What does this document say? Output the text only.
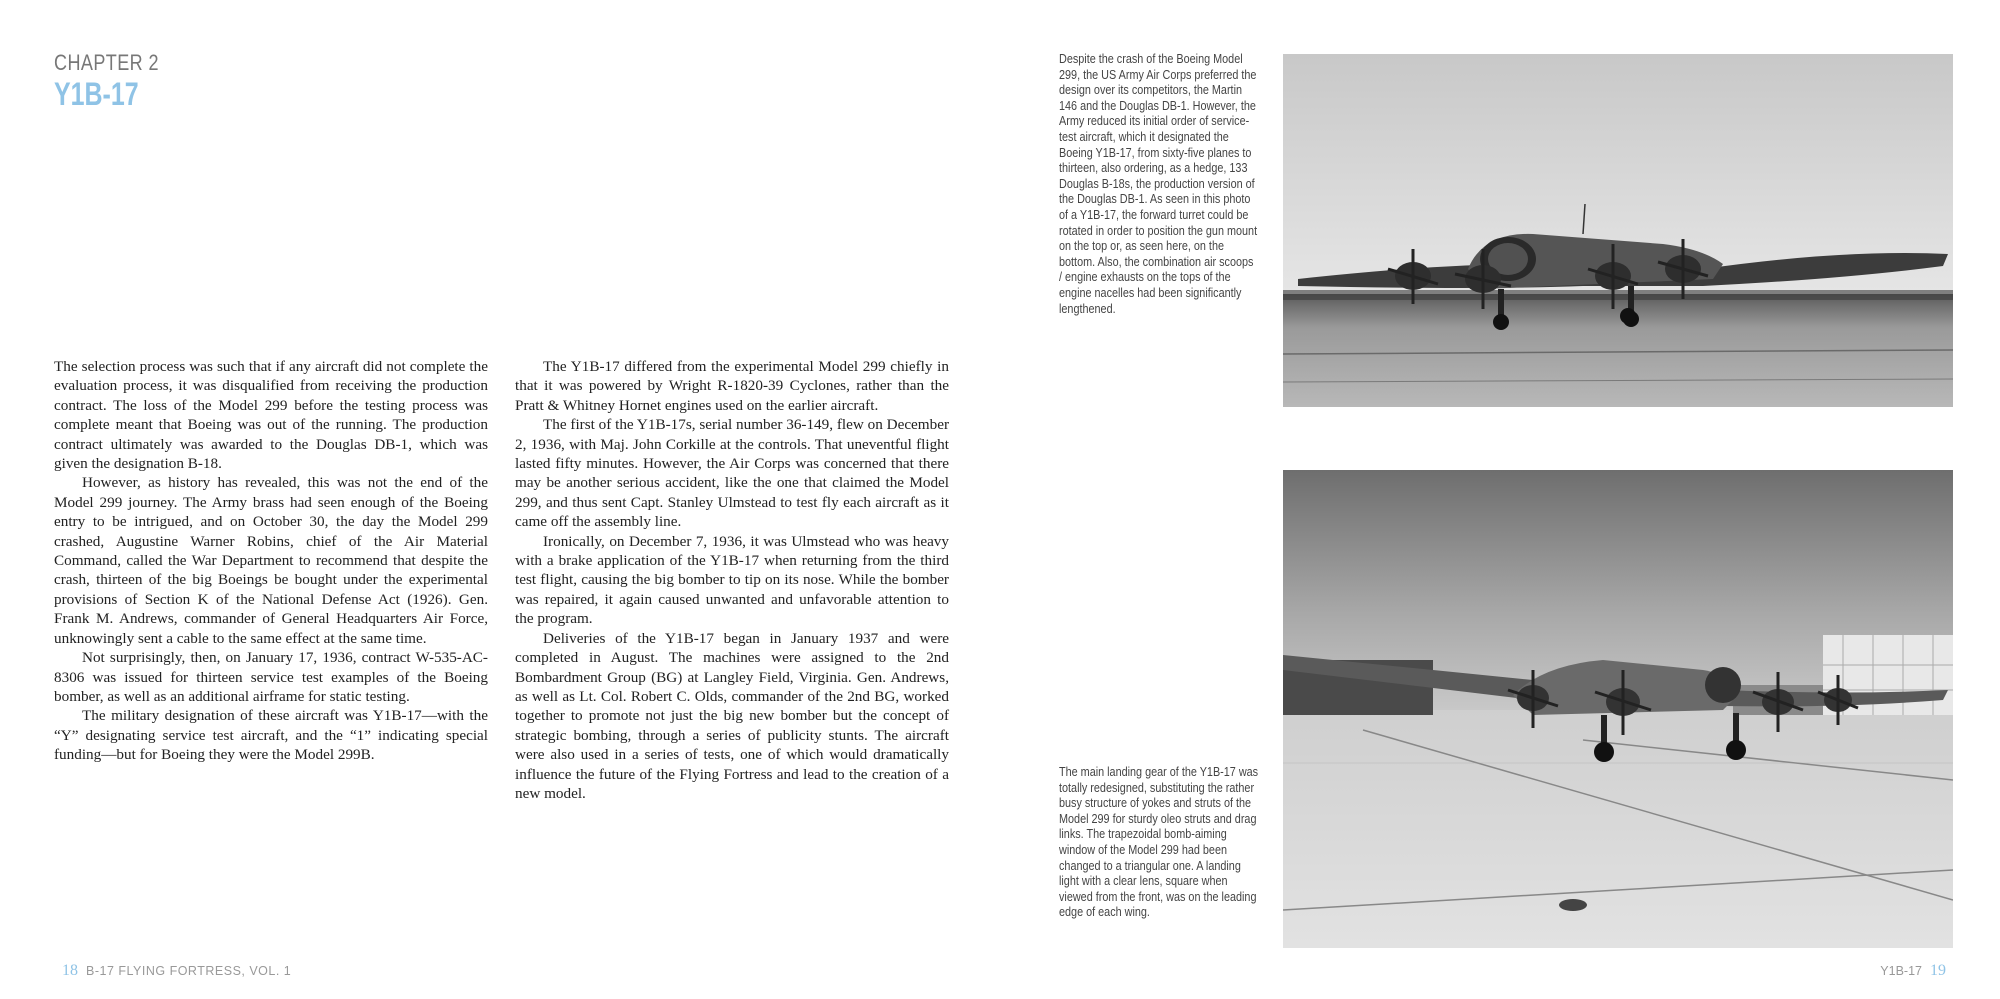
CHAPTER 2
Y1B-17

The selection process was such that if any aircraft did not complete the evaluation process, it was disqualified from receiving the production contract. The loss of the Model 299 before the testing process was complete meant that Boeing was out of the running. The production contract ultimately was awarded to the Douglas DB-1, which was given the designation B-18.

However, as history has revealed, this was not the end of the Model 299 journey. The Army brass had seen enough of the Boeing entry to be intrigued, and on October 30, the day the Model 299 crashed, Augustine Warner Robins, chief of the Air Material Command, called the War Department to recommend that despite the crash, thirteen of the big Boeings be bought under the experimental provisions of Section K of the National Defense Act (1926). Gen. Frank M. Andrews, commander of General Headquarters Air Force, unknowingly sent a cable to the same effect at the same time.

Not surprisingly, then, on January 17, 1936, contract W-535-AC-8306 was issued for thirteen service test examples of the Boeing bomber, as well as an additional airframe for static testing.

The military designation of these aircraft was Y1B-17—with the “Y” designating service test aircraft, and the “1” indicating special funding—but for Boeing they were the Model 299B.

The Y1B-17 differed from the experimental Model 299 chiefly in that it was powered by Wright R-1820-39 Cyclones, rather than the Pratt & Whitney Hornet engines used on the earlier aircraft.

The first of the Y1B-17s, serial number 36-149, flew on December 2, 1936, with Maj. John Corkille at the controls. That uneventful flight lasted fifty minutes. However, the Air Corps was concerned that there may be another serious accident, like the one that claimed the Model 299, and thus sent Capt. Stanley Ulmstead to test fly each aircraft as it came off the assembly line.

Ironically, on December 7, 1936, it was Ulmstead who was heavy with a brake application of the Y1B-17 when returning from the third test flight, causing the big bomber to tip on its nose. While the bomber was repaired, it again caused unwanted and unfavorable attention to the program.

Deliveries of the Y1B-17 began in January 1937 and were completed in August. The machines were assigned to the 2nd Bombardment Group (BG) at Langley Field, Virginia. Gen. Andrews, as well as Lt. Col. Robert C. Olds, commander of the 2nd BG, worked together to promote not just the big new bomber but the concept of strategic bombing, through a series of publicity stunts. The aircraft were also used in a series of tests, one of which would dramatically influence the future of the Flying Fortress and lead to the creation of a new model.

Despite the crash of the Boeing Model 299, the US Army Air Corps preferred the design over its competitors, the Martin 146 and the Douglas DB-1. However, the Army reduced its initial order of service-test aircraft, which it designated the Boeing Y1B-17, from sixty-five planes to thirteen, also ordering, as a hedge, 133 Douglas B-18s, the production version of the Douglas DB-1. As seen in this photo of a Y1B-17, the forward turret could be rotated in order to position the gun mount on the top or, as seen here, on the bottom. Also, the combination air scoops / engine exhausts on the tops of the engine nacelles had been significantly lengthened.
The main landing gear of the Y1B-17 was totally redesigned, substituting the rather busy structure of yokes and struts of the Model 299 for sturdy oleo struts and drag links. The trapezoidal bomb-aiming window of the Model 299 had been changed to a triangular one. A landing light with a clear lens, square when viewed from the front, was on the leading edge of each wing.
18 B-17 FLYING FORTRESS, VOL. 1	Y1B-17 19
